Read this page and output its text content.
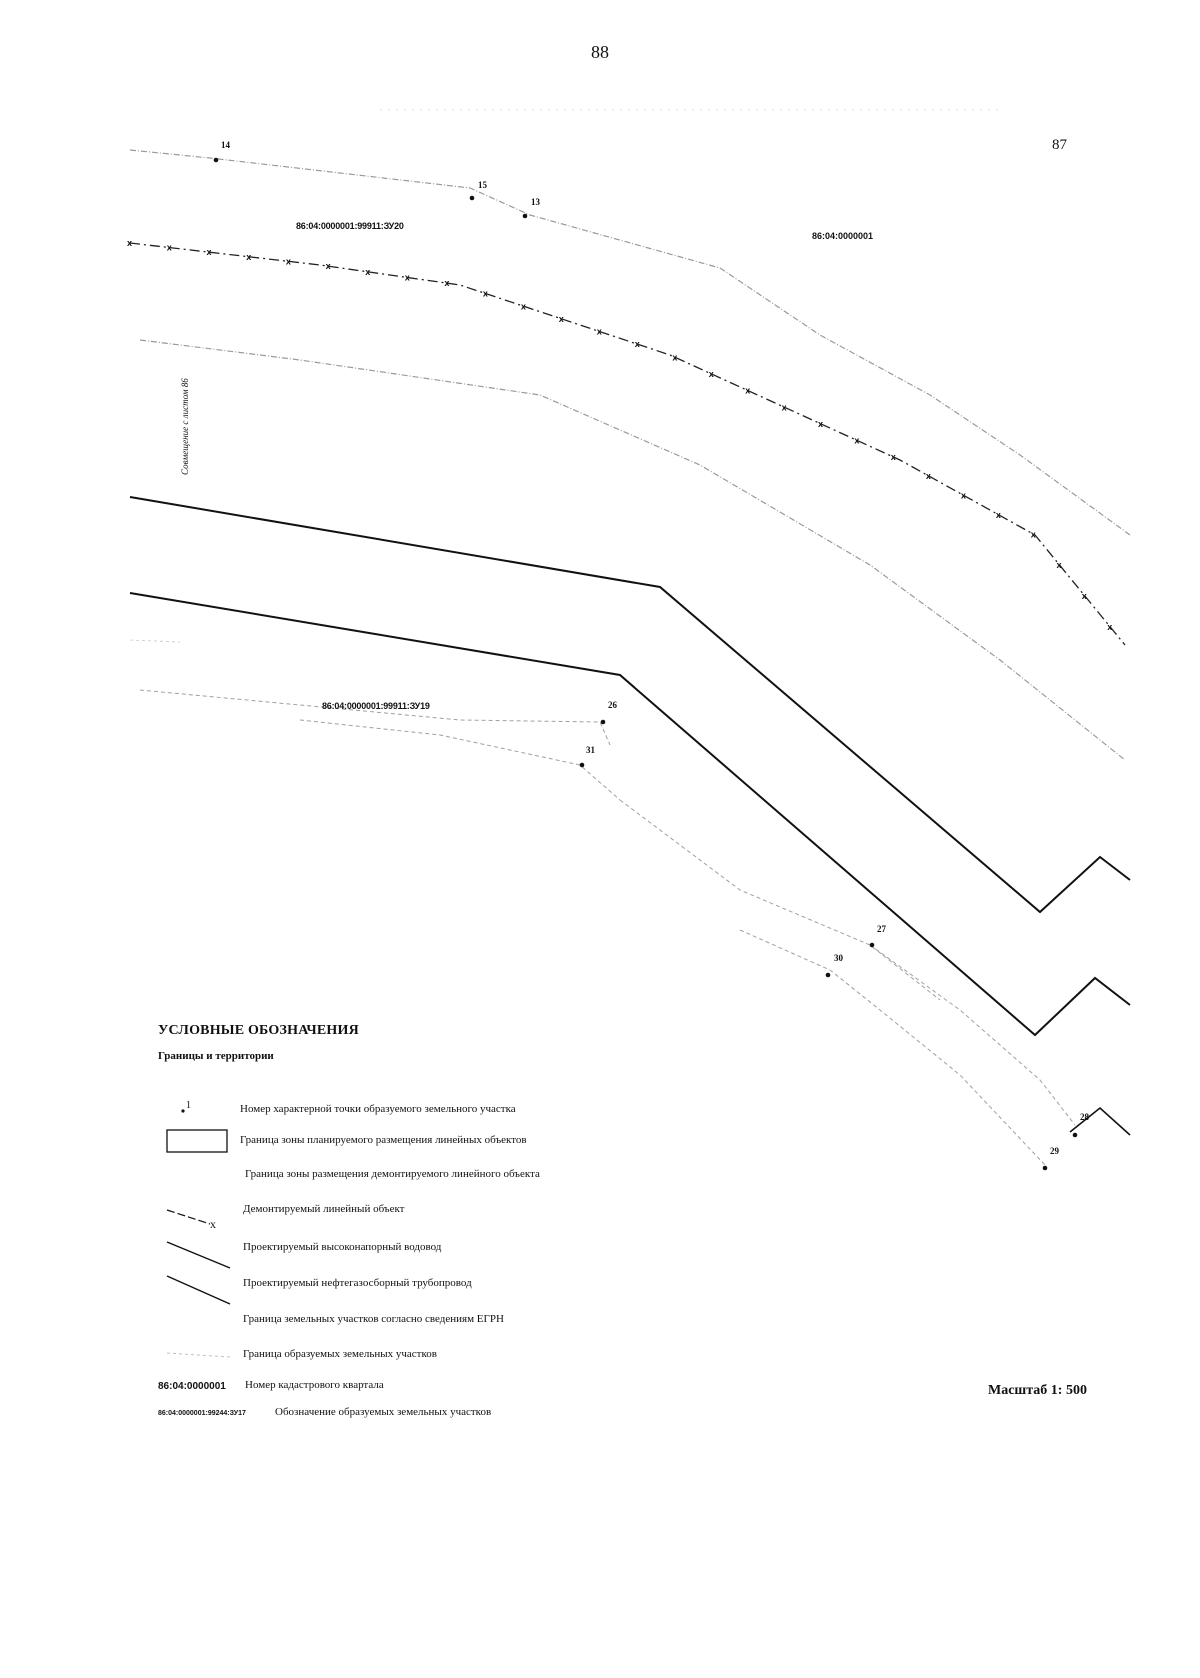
88
87
x	x	x	x	x	x
x
x
x
x
x
x
x
x
x
x
x
x
x
x
x
x
x
x
x
x
x
x
x
14
15
13
26
31
27
30
28
29
86:04:0000001:99911:ЗУ20
86:04:0000001:99911:ЗУ19
86:04:0000001
Совмещение с листом 86
УСЛОВНЫЕ ОБОЗНАЧЕНИЯ
Границы и территории
1	Номер характерной точки образуемого земельного участка
Граница зоны планируемого размещения линейных объектов
Граница зоны размещения демонтируемого линейного объекта
Демонтируемый линейный объект
Проектируемый высоконапорный водовод
Проектируемый нефтегазосборный трубопровод
Граница земельных участков согласно сведениям ЕГРН
Граница образуемых земельных участков
86:04:0000001 Номер кадастрового квартала
86:04:0000001:99244:ЗУ17	Обозначение образуемых земельных участков
Масштаб 1: 500
